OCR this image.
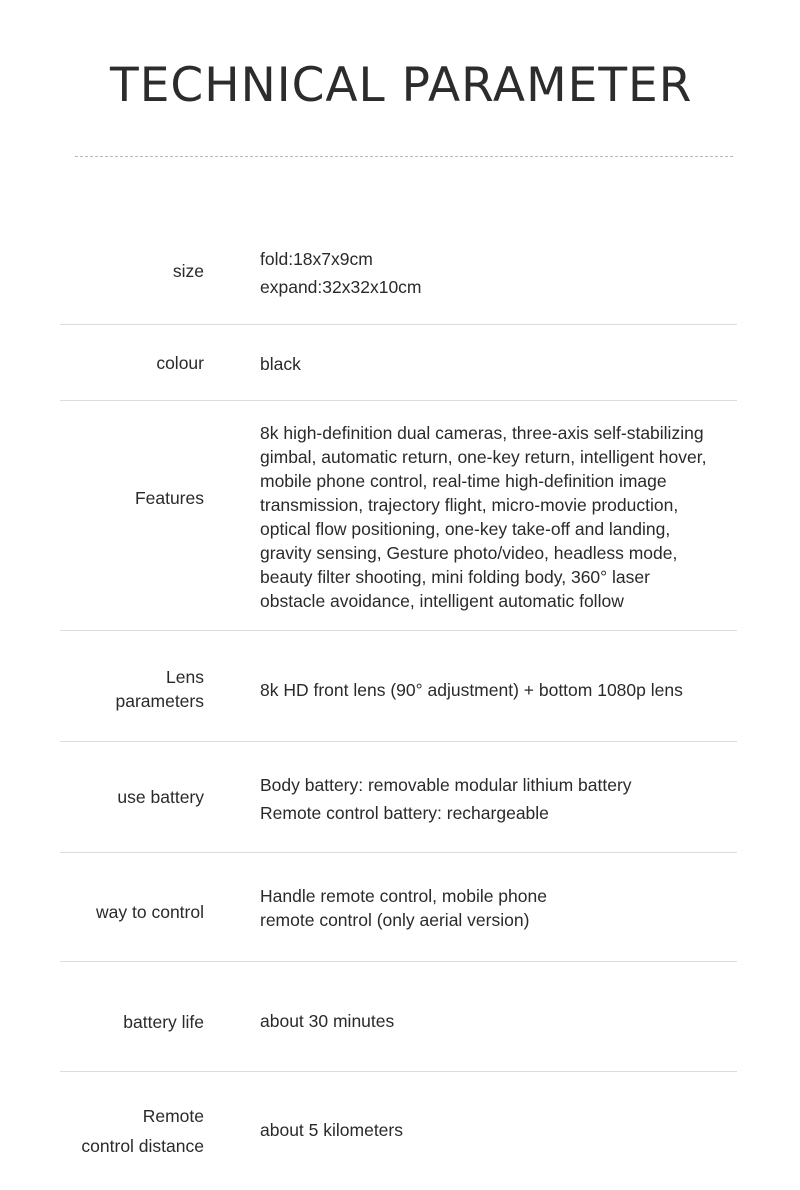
TECHNICAL PARAMETER
size
fold:18x7x9cm
expand:32x32x10cm
colour	black
Features
8k high-definition dual cameras, three-axis self-stabilizing
gimbal, automatic return, one-key return, intelligent hover,
mobile phone control, real-time high-definition image
transmission, trajectory flight, micro-movie production,
optical flow positioning, one-key take-off and landing,
gravity sensing, Gesture photo/video, headless mode,
beauty filter shooting, mini folding body, 360° laser
obstacle avoidance, intelligent automatic follow
Lens
parameters
8k HD front lens (90° adjustment) + bottom 1080p lens
use battery
Body battery: removable modular lithium battery
Remote control battery: rechargeable
way to control
Handle remote control, mobile phone
remote control (only aerial version)
battery life	about 30 minutes
Remote
control distance
about 5 kilometers
